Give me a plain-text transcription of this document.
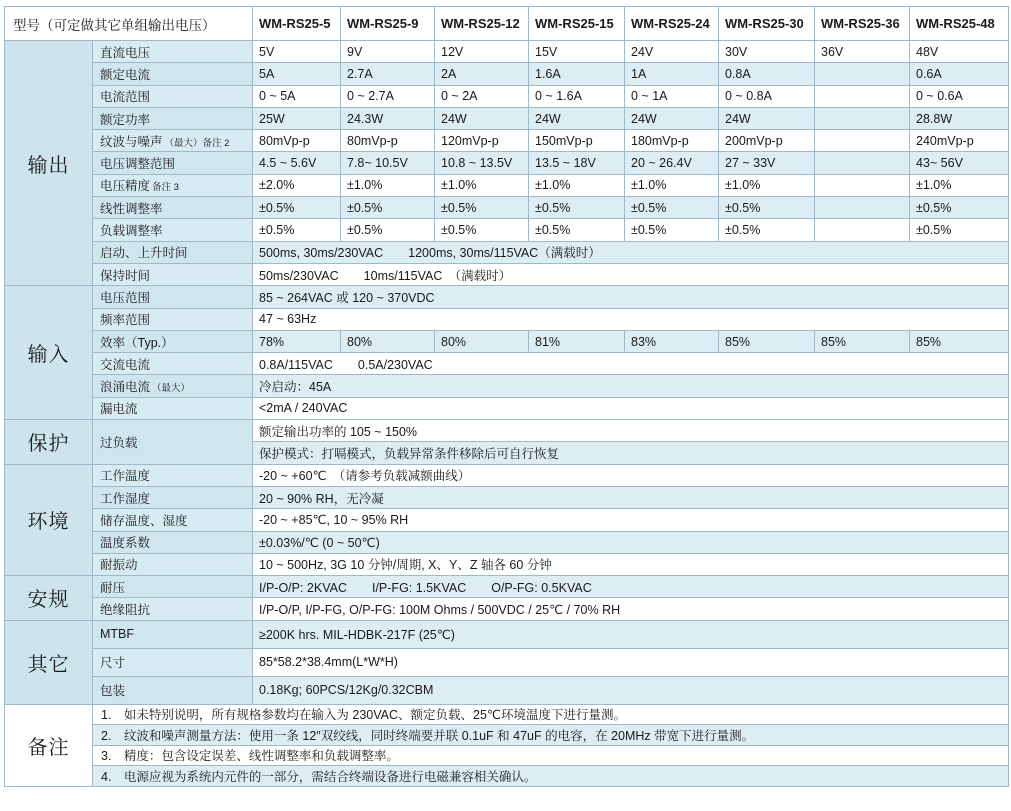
型号（可定做其它单组输出电压）		WM-RS25-5	WM-RS25-9	WM-RS25-12	WM-RS25-15	WM-RS25-24	WM-RS25-30	WM-RS25-36	WM-RS25-48
输出	直流电压	5V	9V	12V	15V	24V	30V	36V	48V
	额定电流	5A	2.7A	2A	1.6A	1A	0.8A		0.6A
	电流范围	0 ~ 5A	0 ~ 2.7A	0 ~ 2A	0 ~ 1.6A	0 ~ 1A	0 ~ 0.8A		0 ~ 0.6A
	额定功率	25W	24.3W	24W	24W	24W	24W		28.8W
	纹波与噪声 （最大）备注 2	80mVp-p	80mVp-p	120mVp-p	150mVp-p	180mVp-p	200mVp-p		240mVp-p
	电压调整范围	4.5 ~ 5.6V	7.8~ 10.5V	10.8 ~ 13.5V	13.5 ~ 18V	20 ~ 26.4V	27 ~ 33V		43~ 56V
	电压精度 备注 3	±2.0%	±1.0%	±1.0%	±1.0%	±1.0%	±1.0%		±1.0%
	线性调整率	±0.5%	±0.5%	±0.5%	±0.5%	±0.5%	±0.5%		±0.5%
	负载调整率	±0.5%	±0.5%	±0.5%	±0.5%	±0.5%	±0.5%		±0.5%
	启动、上升时间	500ms, 30ms/230VAC　　1200ms, 30ms/115VAC（满载时）							
	保持时间	50ms/230VAC　　10ms/115VAC　（满载时）							
输入	电压范围	85 ~ 264VAC 或 120 ~ 370VDC							
	频率范围	47 ~ 63Hz							
	效率（Typ.）	78%	80%	80%	81%	83%	85%	85%	85%
	交流电流	0.8A/115VAC　　0.5A/230VAC							
	浪涌电流 （最大）	冷启动：45A							
	漏电流	<2mA / 240VAC							
保护	过负载	额定输出功率的 105 ~ 150%							
		保护模式：打嗝模式，负载异常条件移除后可自行恢复							
环境	工作温度	-20 ~ +60℃　（请参考负载减额曲线）							
	工作湿度	20 ~ 90% RH，无冷凝							
	储存温度、湿度	-20 ~ +85℃, 10 ~ 95% RH							
	温度系数	±0.03%/℃ (0 ~ 50℃)							
	耐振动	10 ~ 500Hz, 3G 10 分钟/周期, X、Y、Z 轴各 60 分钟							
安规	耐压	I/P-O/P: 2KVAC　　I/P-FG: 1.5KVAC　　O/P-FG: 0.5KVAC							
	绝缘阻抗	I/P-O/P, I/P-FG, O/P-FG: 100M Ohms / 500VDC / 25℃ / 70% RH							
其它	MTBF	≥200K hrs. MIL-HDBK-217F (25℃)							
	尺寸	85*58.2*38.4mm(L*W*H)							
	包装	0.18Kg; 60PCS/12Kg/0.32CBM							
备注	1.　如未特别说明，所有规格参数均在输入为 230VAC、额定负载、25℃环境温度下进行量测。								
	2.　纹波和噪声测量方法：使用一条 12″双绞线，同时终端要并联 0.1uF 和 47uF 的电容，在 20MHz 带宽下进行量测。								
	3.　精度：包含设定误差、线性调整率和负载调整率。								
	4.　电源应视为系统内元件的一部分，需结合终端设备进行电磁兼容相关确认。								
